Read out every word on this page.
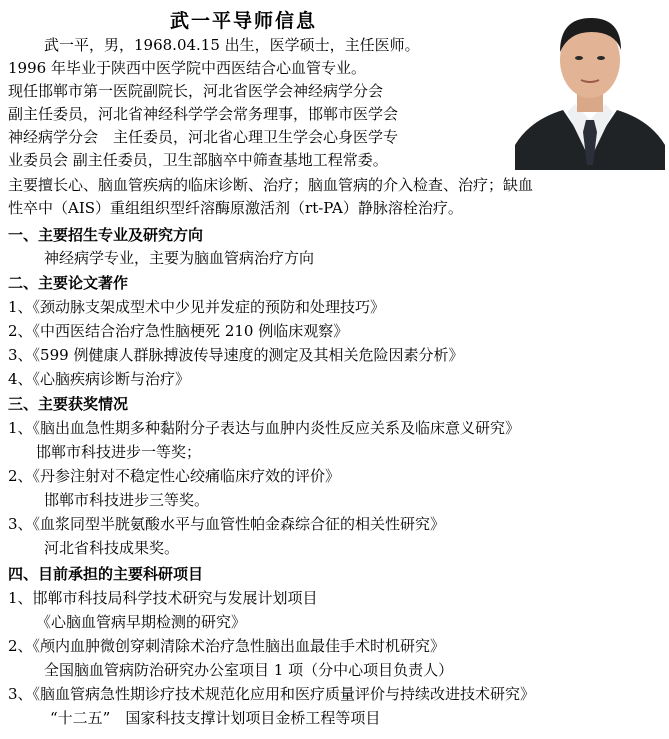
武一平导师信息
武一平，男，1968.04.15 出生，医学硕士，主任医师。
1996 年毕业于陕西中医学院中西医结合心血管专业。
现任邯郸市第一医院副院长，河北省医学会神经病学分会
副主任委员，河北省神经科学学会常务理事，邯郸市医学会
神经病学分会　主任委员，河北省心理卫生学会心身医学专
业委员会 副主任委员，卫生部脑卒中筛查基地工程常委。
主要擅长心、脑血管疾病的临床诊断、治疗；脑血管病的介入检查、治疗；缺血
性卒中（AIS）重组组织型纤溶酶原激活剂（rt-PA）静脉溶栓治疗。
一、主要招生专业及研究方向
神经病学专业，主要为脑血管病治疗方向
二、主要论文著作
1、《颈动脉支架成型术中少见并发症的预防和处理技巧》
2、《中西医结合治疗急性脑梗死 210 例临床观察》
3、《599 例健康人群脉搏波传导速度的测定及其相关危险因素分析》
4、《心脑疾病诊断与治疗》
三、主要获奖情况
1、《脑出血急性期多种黏附分子表达与血肿内炎性反应关系及临床意义研究》
邯郸市科技进步一等奖；
2、《丹参注射对不稳定性心绞痛临床疗效的评价》
邯郸市科技进步三等奖。
3、《血浆同型半胱氨酸水平与血管性帕金森综合征的相关性研究》
河北省科技成果奖。
四、目前承担的主要科研项目
1、邯郸市科技局科学技术研究与发展计划项目
《心脑血管病早期检测的研究》
2、《颅内血肿微创穿刺清除术治疗急性脑出血最佳手术时机研究》
全国脑血管病防治研究办公室项目 1 项（分中心项目负责人）
3、《脑血管病急性期诊疗技术规范化应用和医疗质量评价与持续改进技术研究》
“十二五”　国家科技支撑计划项目金桥工程等项目
